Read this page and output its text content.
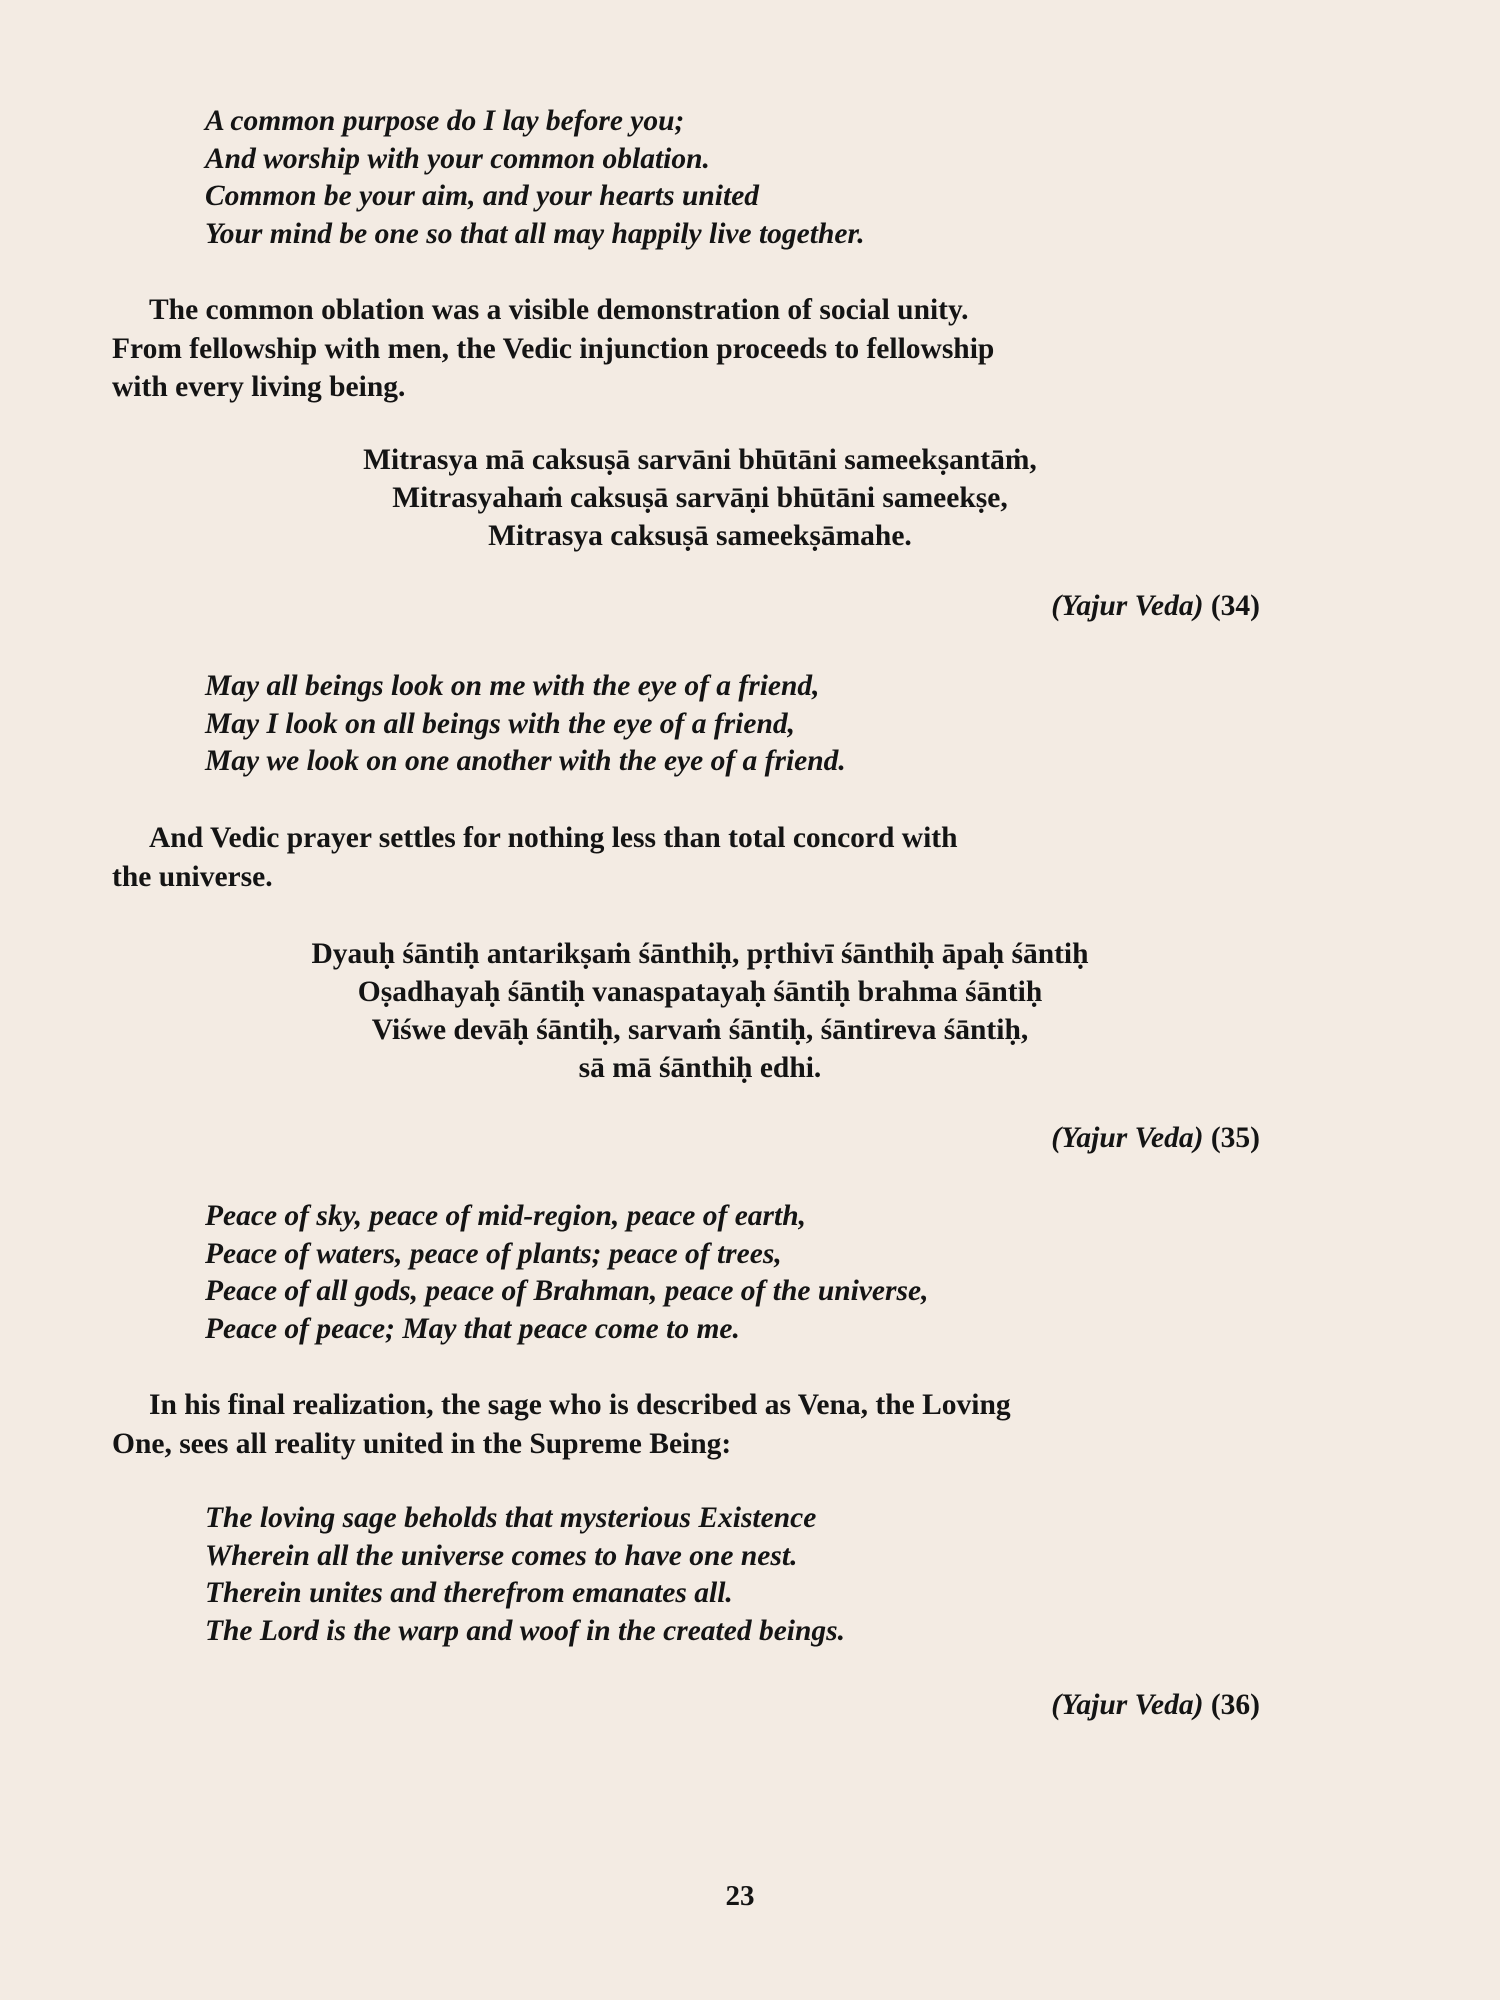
A common purpose do I lay before you;
And worship with your common oblation.
Common be your aim, and your hearts united
Your mind be one so that all may happily live together.
The common oblation was a visible demonstration of social unity.
From fellowship with men, the Vedic injunction proceeds to fellowship
with every living being.
Mitrasya mā caksuṣā sarvāni bhūtāni sameekṣantāṁ,
Mitrasyahaṁ caksuṣā sarvāṇi bhūtāni sameekṣe,
Mitrasya caksuṣā sameekṣāmahe.

(Yajur Veda) (34)

May all beings look on me with the eye of a friend,
May I look on all beings with the eye of a friend,
May we look on one another with the eye of a friend.
And Vedic prayer settles for nothing less than total concord with
the universe.
Dyauḥ śāntiḥ antarikṣaṁ śānthiḥ, pṛthivī śānthiḥ āpaḥ śāntiḥ
Oṣadhayaḥ śāntiḥ vanaspatayaḥ śāntiḥ brahma śāntiḥ
Viśwe devāḥ śāntiḥ, sarvaṁ śāntiḥ, śāntireva śāntiḥ,
sā mā śānthiḥ edhi.

(Yajur Veda) (35)

Peace of sky, peace of mid-region, peace of earth,
Peace of waters, peace of plants; peace of trees,
Peace of all gods, peace of Brahman, peace of the universe,
Peace of peace; May that peace come to me.
In his final realization, the sage who is described as Vena, the Loving
One, sees all reality united in the Supreme Being:
The loving sage beholds that mysterious Existence
Wherein all the universe comes to have one nest.
Therein unites and therefrom emanates all.
The Lord is the warp and woof in the created beings.

(Yajur Veda) (36)

23
